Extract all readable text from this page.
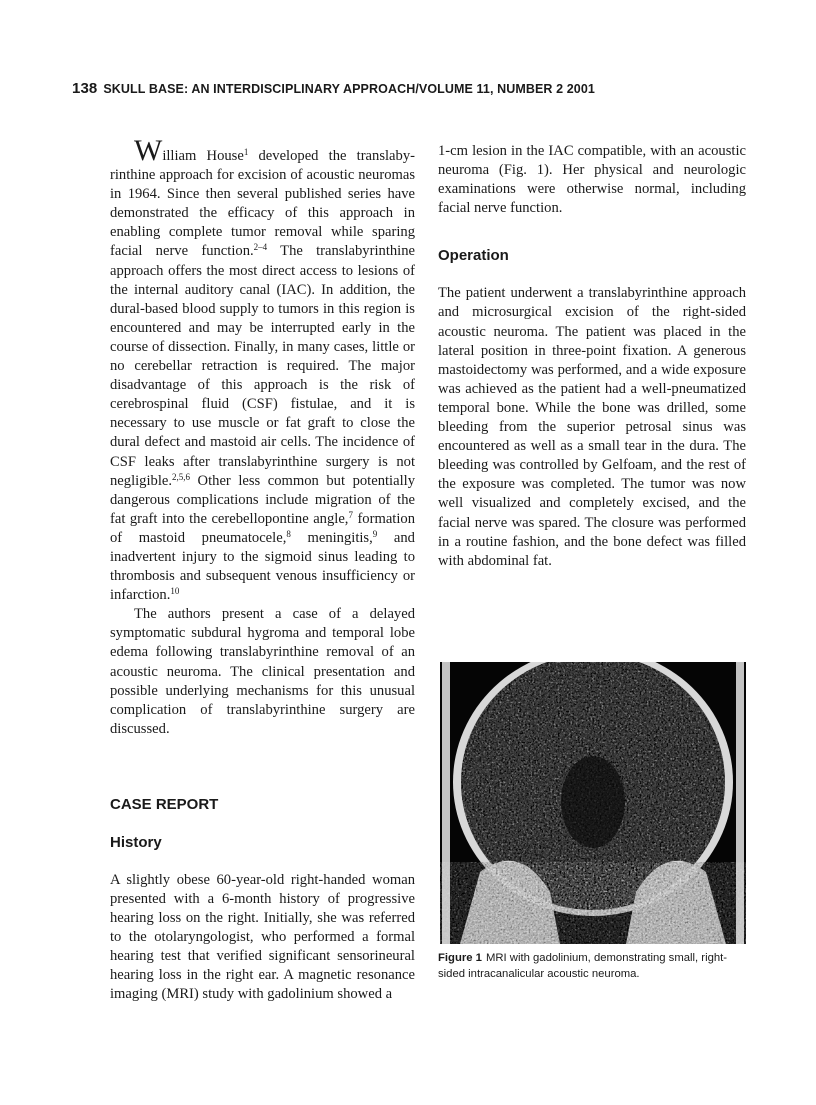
138 SKULL BASE: AN INTERDISCIPLINARY APPROACH/VOLUME 11, NUMBER 2 2001

William House$^1$ developed the translaby-rinthine approach for excision of acoustic neuromas in 1964. Since then several published series have demonstrated the efficacy of this approach in enabling complete tumor removal while sparing facial nerve function.$^{2-4}$ The translabyrinthine approach offers the most direct access to lesions of the internal auditory canal (IAC). In addition, the dural-based blood supply to tumors in this region is encountered and may be interrupted early in the course of dissection. Finally, in many cases, little or no cerebellar retraction is required. The major disadvantage of this approach is the risk of cerebrospinal fluid (CSF) fistulae, and it is necessary to use muscle or fat graft to close the dural defect and mastoid air cells. The incidence of CSF leaks after translabyrinthine surgery is not negligible.$^{2,5,6}$ Other less common but potentially dangerous complications include migration of the fat graft into the cerebellopontine angle,$^7$ formation of mastoid pneumatocele,$^8$ meningitis,$^9$ and inadvertent injury to the sigmoid sinus leading to thrombosis and subsequent venous insufficiency or infarction.$^{10}$

The authors present a case of a delayed symptomatic subdural hygroma and temporal lobe edema following translabyrinthine removal of an acoustic neuroma. The clinical presentation and possible underlying mechanisms for this unusual complication of translabyrinthine surgery are discussed.

CASE REPORT

History

A slightly obese 60-year-old right-handed woman presented with a 6-month history of progressive hearing loss on the right. Initially, she was referred to the otolaryngologist, who performed a formal hearing test that verified significant sensorineural hearing loss in the right ear. A magnetic resonance imaging (MRI) study with gadolinium showed a

1-cm lesion in the IAC compatible, with an acoustic neuroma (Fig. 1). Her physical and neurologic examinations were otherwise normal, including facial nerve function.

Operation

The patient underwent a translabyrinthine approach and microsurgical excision of the right-sided acoustic neuroma. The patient was placed in the lateral position in three-point fixation. A generous mastoidectomy was performed, and a wide exposure was achieved as the patient had a well-pneumatized temporal bone. While the bone was drilled, some bleeding from the superior petrosal sinus was encountered as well as a small tear in the dura. The bleeding was controlled by Gelfoam, and the rest of the exposure was completed. The tumor was now well visualized and completely excised, and the facial nerve was spared. The closure was performed in a routine fashion, and the bone defect was filled with abdominal fat.

Figure 1 MRI with gadolinium, demonstrating small, right-sided intracanalicular acoustic neuroma.
